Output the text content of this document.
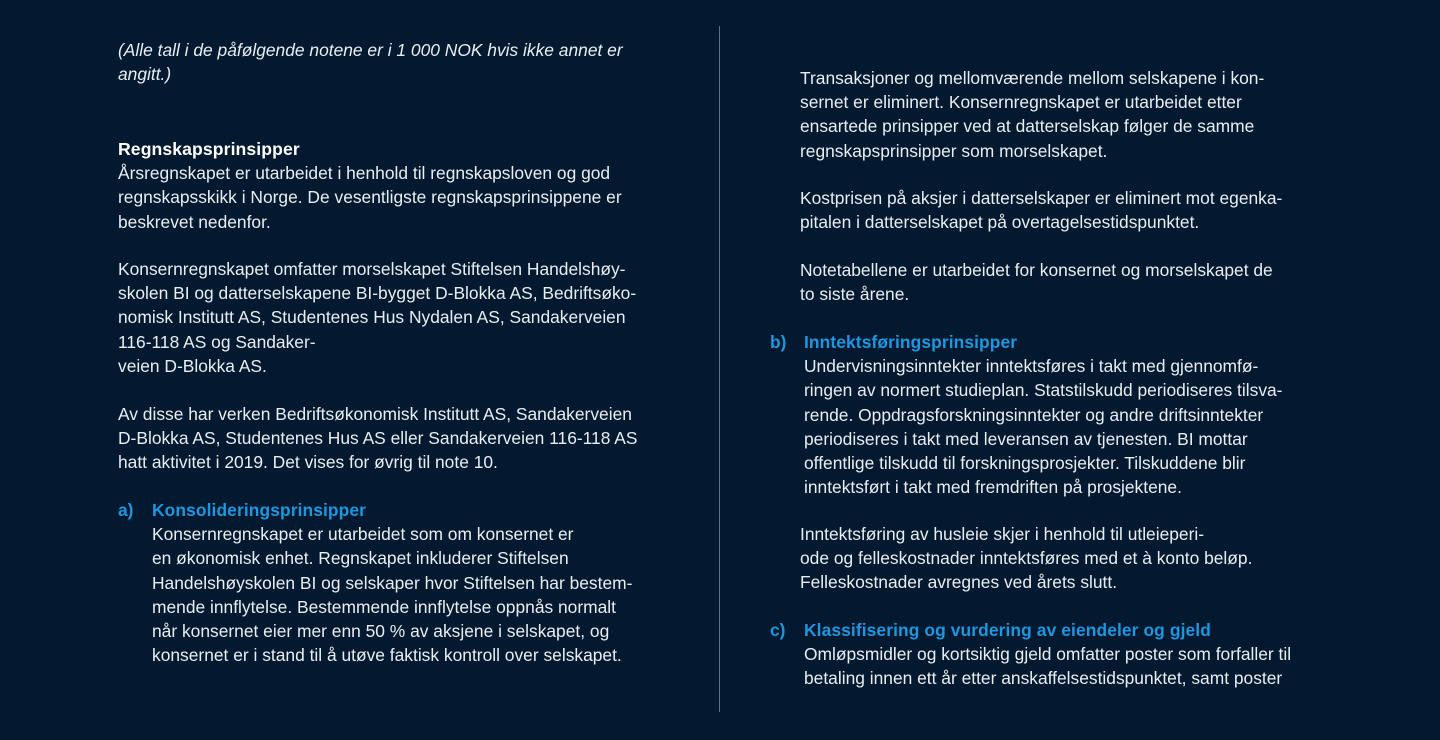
(Alle tall i de påfølgende notene er i 1 000 NOK hvis ikke annet er
angitt.)
Regnskapsprinsipper
Årsregnskapet er utarbeidet i henhold til regnskapsloven og god
regnskapsskikk i Norge. De vesentligste regnskapsprinsippene er
beskrevet nedenfor.
Konsernregnskapet omfatter morselskapet Stiftelsen Handelshøy-
skolen BI og datterselskapene BI-bygget D-Blokka AS, Bedriftsøko-
nomisk Institutt AS, Studentenes Hus Nydalen AS, Sandakerveien
116-118 AS og Sandaker-
veien D-Blokka AS.
Av disse har verken Bedriftsøkonomisk Institutt AS, Sandakerveien
D-Blokka AS, Studentenes Hus AS eller Sandakerveien 116-118 AS
hatt aktivitet i 2019. Det vises for øvrig til note 10.
a)	Konsolideringsprinsipper
Konsernregnskapet er utarbeidet som om konsernet er
en økonomisk enhet. Regnskapet inkluderer Stiftelsen
Handelshøyskolen BI og selskaper hvor Stiftelsen har bestem-
mende innflytelse. Bestemmende innflytelse oppnås normalt
når konsernet eier mer enn 50 % av aksjene i selskapet, og
konsernet er i stand til å utøve faktisk kontroll over selskapet.
Transaksjoner og mellomværende mellom selskapene i kon-
sernet er eliminert. Konsernregnskapet er utarbeidet etter
ensartede prinsipper ved at datterselskap følger de samme
regnskapsprinsipper som morselskapet.
Kostprisen på aksjer i datterselskaper er eliminert mot egenka-
pitalen i datterselskapet på overtagelsestidspunktet.
Notetabellene er utarbeidet for konsernet og morselskapet de
to siste årene.
b)	Inntektsføringsprinsipper
Undervisningsinntekter inntektsføres i takt med gjennomfø-
ringen av normert studieplan. Statstilskudd periodiseres tilsva-
rende. Oppdragsforskningsinntekter og andre driftsinntekter
periodiseres i takt med leveransen av tjenesten. BI mottar
offentlige tilskudd til forskningsprosjekter. Tilskuddene blir
inntektsført i takt med fremdriften på prosjektene.
Inntektsføring av husleie skjer i henhold til utleieperi-
ode og felleskostnader inntektsføres med et à konto beløp.
Felleskostnader avregnes ved årets slutt.
c)	Klassifisering og vurdering av eiendeler og gjeld
Omløpsmidler og kortsiktig gjeld omfatter poster som forfaller til
betaling innen ett år etter anskaffelsestidspunktet, samt poster
